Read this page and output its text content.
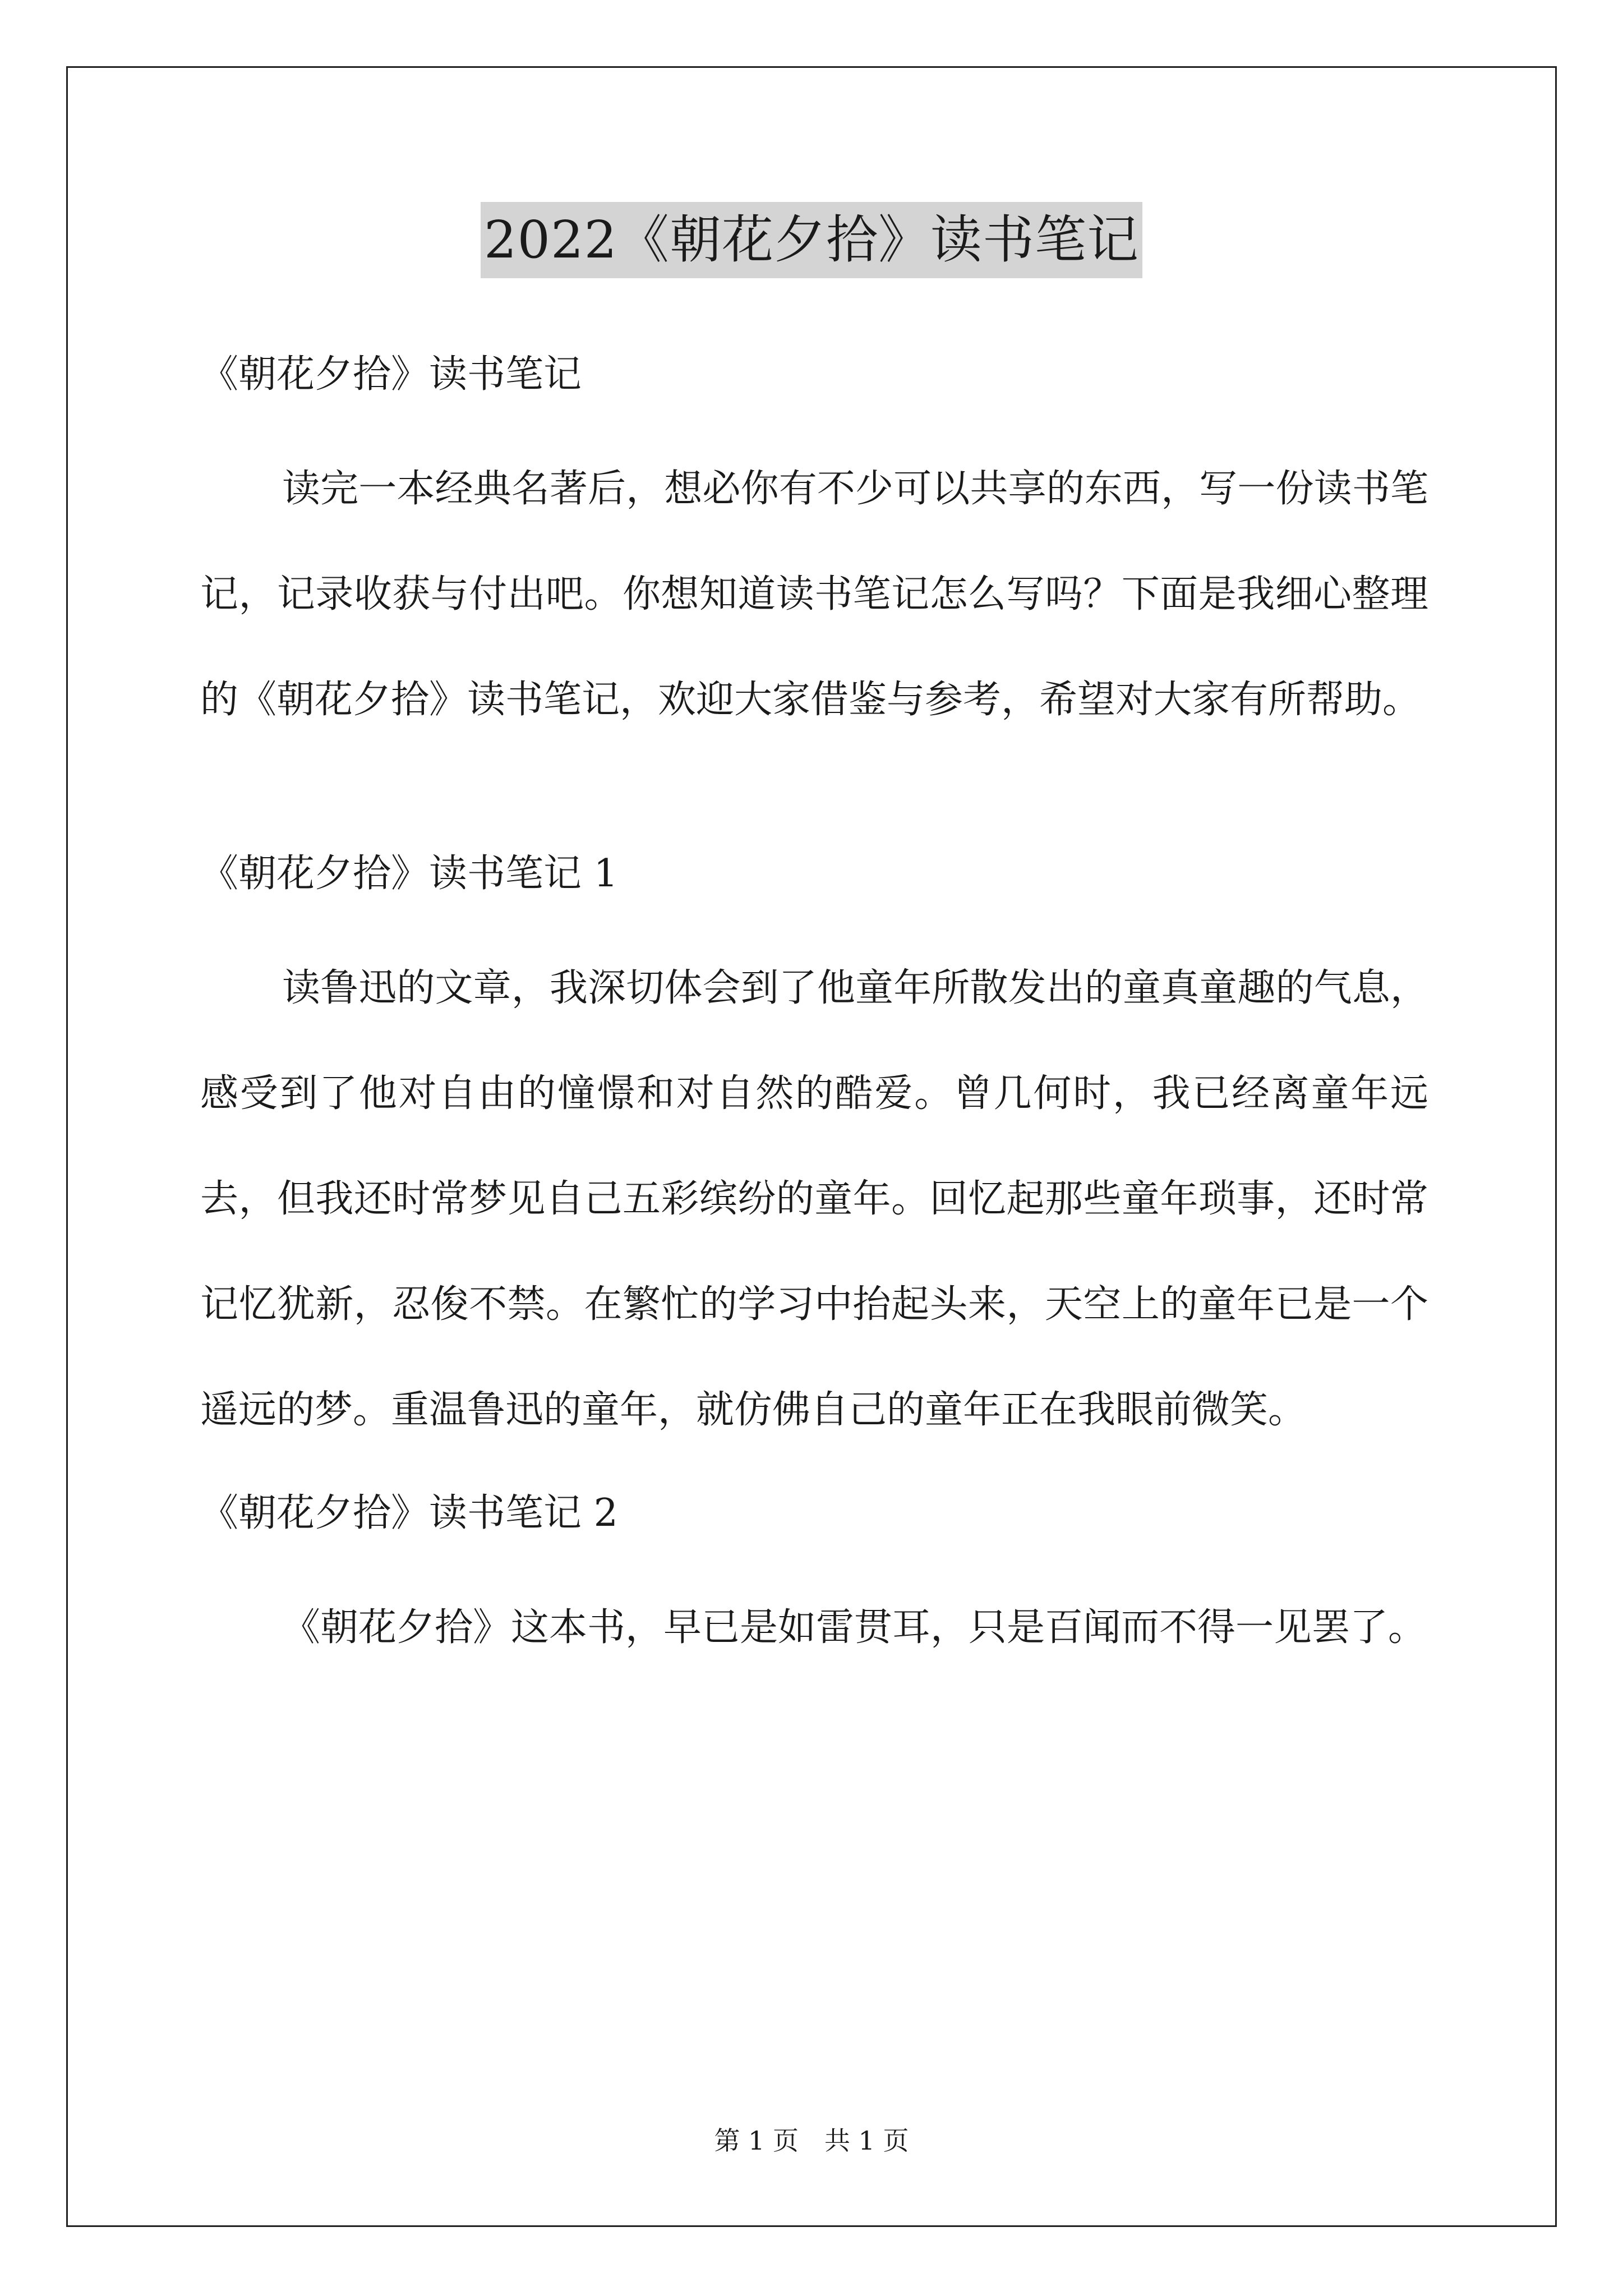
2022《朝花夕拾》读书笔记

《朝花夕拾》读书笔记

读完一本经典名著后，想必你有不少可以共享的东西，写一份读书笔记，记录收获与付出吧。你想知道读书笔记怎么写吗？下面是我细心整理的《朝花夕拾》读书笔记，欢迎大家借鉴与参考，希望对大家有所帮助。

《朝花夕拾》读书笔记 1

读鲁迅的文章，我深切体会到了他童年所散发出的童真童趣的气息，感受到了他对自由的憧憬和对自然的酷爱。曾几何时，我已经离童年远去，但我还时常梦见自己五彩缤纷的童年。回忆起那些童年琐事，还时常记忆犹新，忍俊不禁。在繁忙的学习中抬起头来，天空上的童年已是一个遥远的梦。重温鲁迅的童年，就仿佛自己的童年正在我眼前微笑。

《朝花夕拾》读书笔记 2

《朝花夕拾》这本书，早已是如雷贯耳，只是百闻而不得一见罢了。

第 1 页　共 1 页
